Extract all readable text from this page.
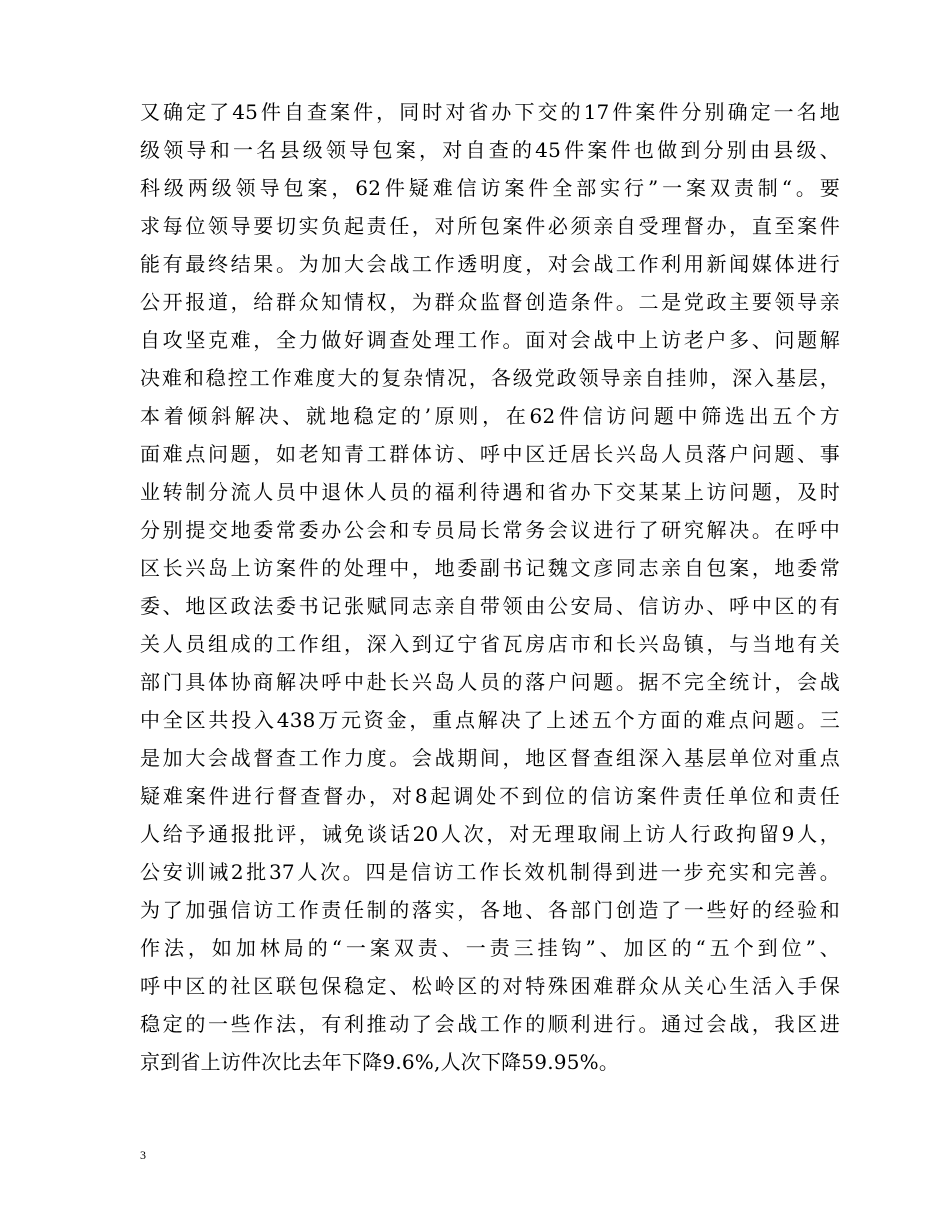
又确定了45件自查案件，同时对省办下交的17件案件分别确定一名地
级领导和一名县级领导包案，对自查的45件案件也做到分别由县级、
科级两级领导包案，62件疑难信访案件全部实行”一案双责制“。要
求每位领导要切实负起责任，对所包案件必须亲自受理督办，直至案件
能有最终结果。为加大会战工作透明度，对会战工作利用新闻媒体进行
公开报道，给群众知情权，为群众监督创造条件。二是党政主要领导亲
自攻坚克难，全力做好调查处理工作。面对会战中上访老户多、问题解
决难和稳控工作难度大的复杂情况，各级党政领导亲自挂帅，深入基层，
本着倾斜解决、就地稳定的’原则，在62件信访问题中筛选出五个方
面难点问题，如老知青工群体访、呼中区迁居长兴岛人员落户问题、事
业转制分流人员中退休人员的福利待遇和省办下交某某上访问题，及时
分别提交地委常委办公会和专员局长常务会议进行了研究解决。在呼中
区长兴岛上访案件的处理中，地委副书记魏文彦同志亲自包案，地委常
委、地区政法委书记张赋同志亲自带领由公安局、信访办、呼中区的有
关人员组成的工作组，深入到辽宁省瓦房店市和长兴岛镇，与当地有关
部门具体协商解决呼中赴长兴岛人员的落户问题。据不完全统计，会战
中全区共投入438万元资金，重点解决了上述五个方面的难点问题。三
是加大会战督查工作力度。会战期间，地区督查组深入基层单位对重点
疑难案件进行督查督办，对8起调处不到位的信访案件责任单位和责任
人给予通报批评，诫免谈话20人次，对无理取闹上访人行政拘留9人，
公安训诫2批37人次。四是信访工作长效机制得到进一步充实和完善。
为了加强信访工作责任制的落实，各地、各部门创造了一些好的经验和
作法，如加林局的“一案双责、一责三挂钩”、加区的“五个到位”、
呼中区的社区联包保稳定、松岭区的对特殊困难群众从关心生活入手保
稳定的一些作法，有利推动了会战工作的顺利进行。通过会战，我区进
京到省上访件次比去年下降9.6%,人次下降59.95%。
3
